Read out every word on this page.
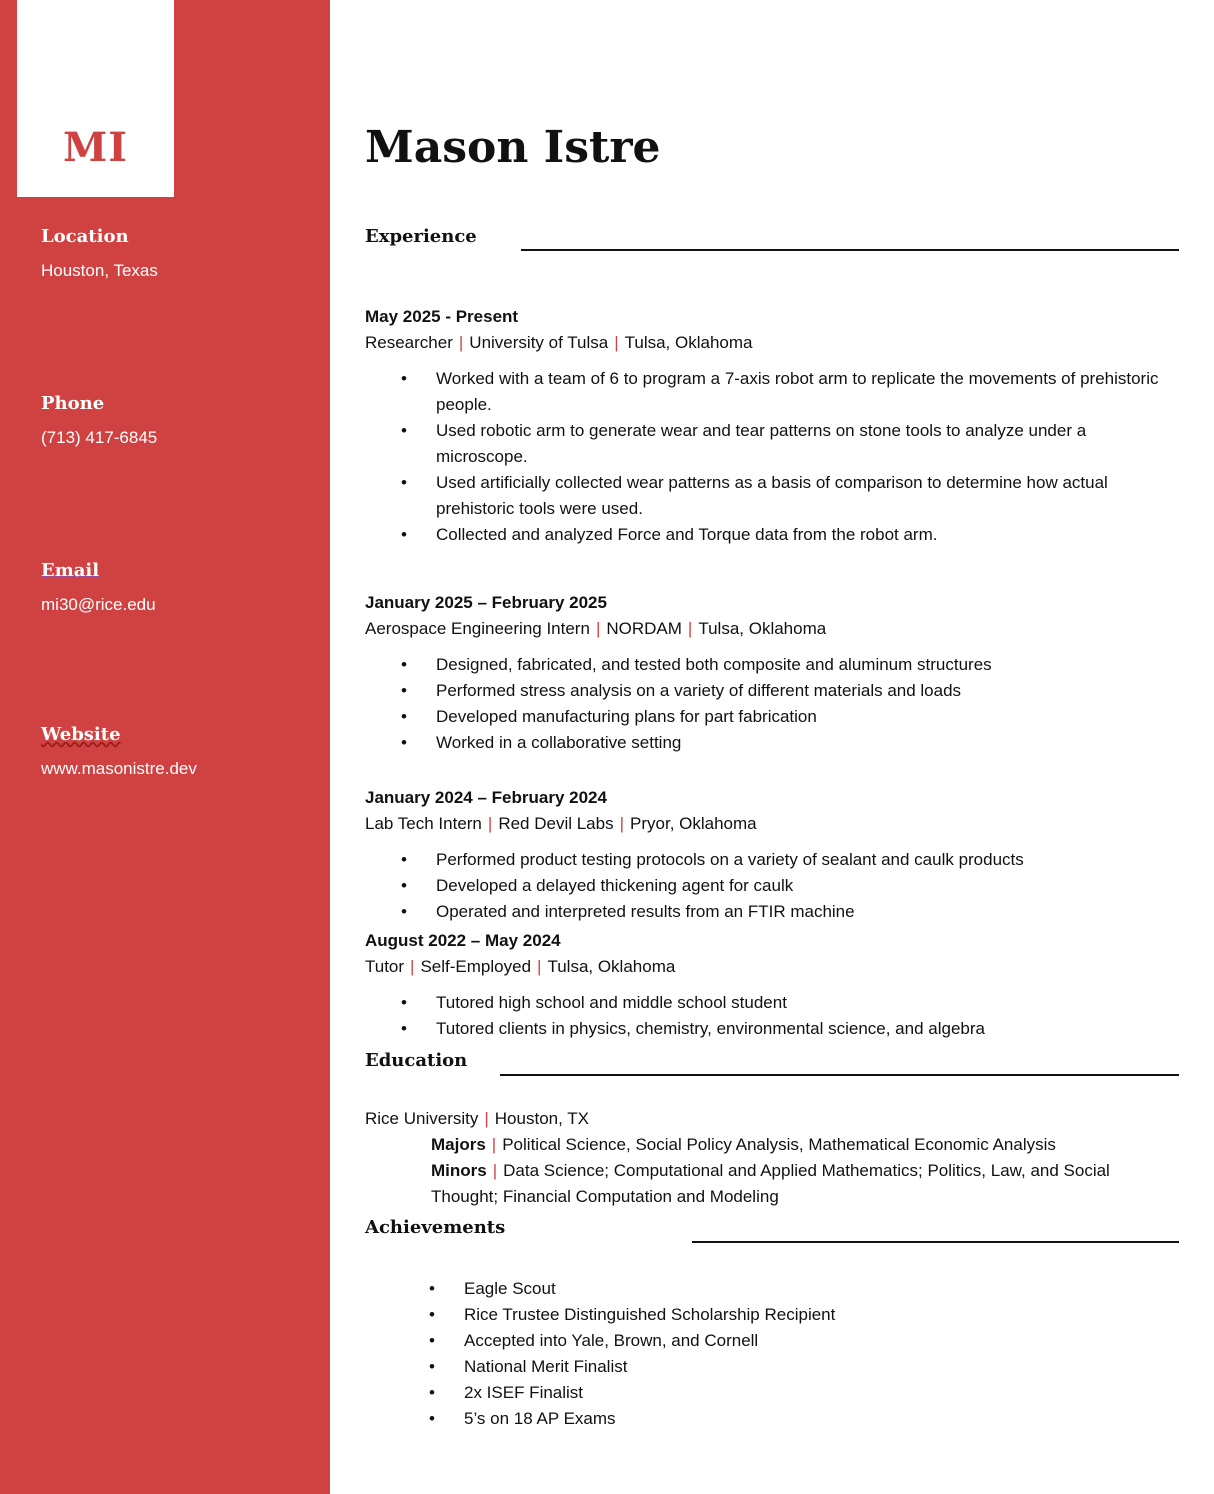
MI
Location
Houston, Texas
Phone
(713) 417-6845
Email
mi30@rice.edu
Website
www.masonistre.dev
Mason Istre
Experience
May 2025 - Present
Researcher | University of Tulsa | Tulsa, Oklahoma
• Worked with a team of 6 to program a 7-axis robot arm to replicate the movements of prehistoric people.
• Used robotic arm to generate wear and tear patterns on stone tools to analyze under a microscope.
• Used artificially collected wear patterns as a basis of comparison to determine how actual prehistoric tools were used.
• Collected and analyzed Force and Torque data from the robot arm.
January 2025 – February 2025
Aerospace Engineering Intern | NORDAM | Tulsa, Oklahoma
• Designed, fabricated, and tested both composite and aluminum structures
• Performed stress analysis on a variety of different materials and loads
• Developed manufacturing plans for part fabrication
• Worked in a collaborative setting
January 2024 – February 2024
Lab Tech Intern | Red Devil Labs | Pryor, Oklahoma
• Performed product testing protocols on a variety of sealant and caulk products
• Developed a delayed thickening agent for caulk
• Operated and interpreted results from an FTIR machine
August 2022 – May 2024
Tutor | Self-Employed | Tulsa, Oklahoma
• Tutored high school and middle school student
• Tutored clients in physics, chemistry, environmental science, and algebra
Education
Rice University | Houston, TX
Majors | Political Science, Social Policy Analysis, Mathematical Economic Analysis
Minors | Data Science; Computational and Applied Mathematics; Politics, Law, and Social Thought; Financial Computation and Modeling
Achievements
• Eagle Scout
• Rice Trustee Distinguished Scholarship Recipient
• Accepted into Yale, Brown, and Cornell
• National Merit Finalist
• 2x ISEF Finalist
• 5’s on 18 AP Exams
